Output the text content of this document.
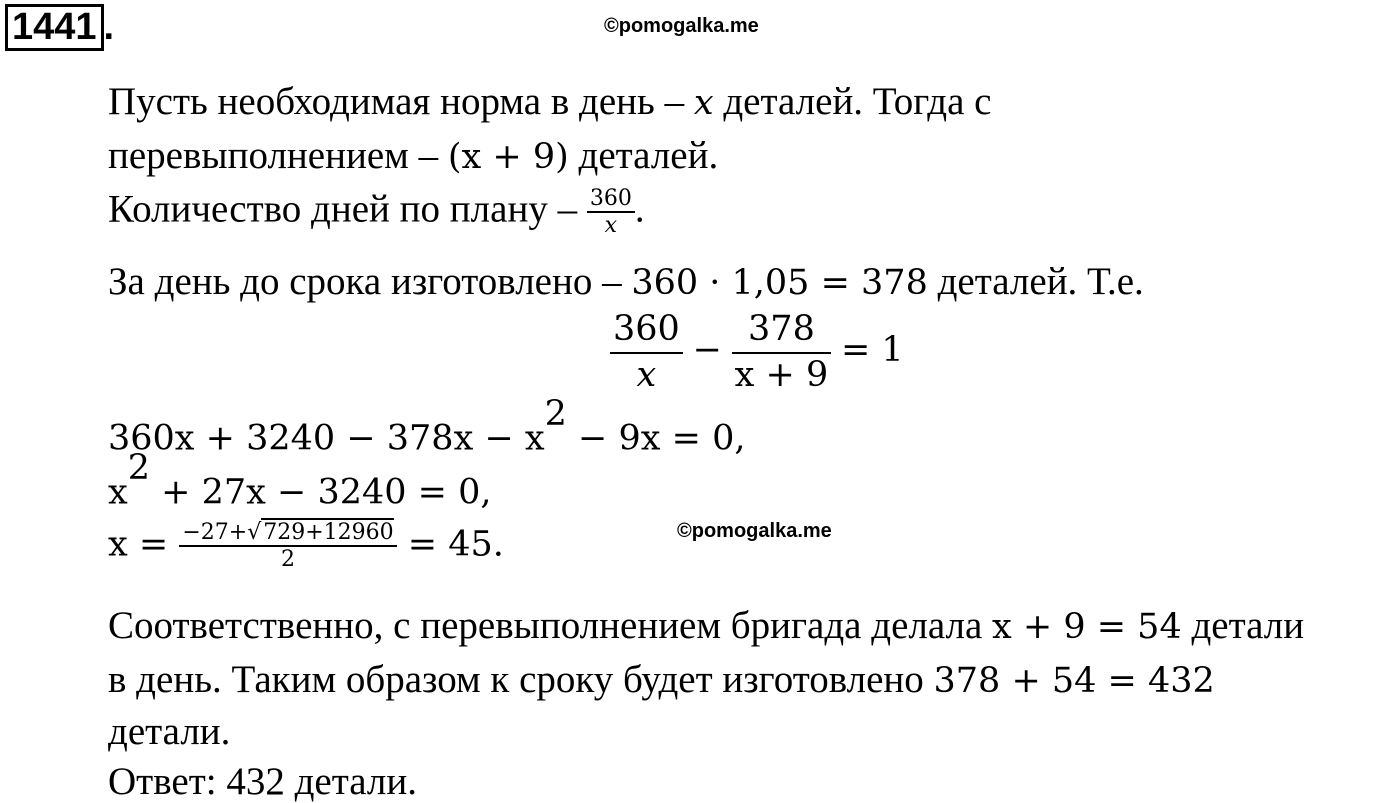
1441 .	©pomogalka.me
©pomogalka.me
Пусть необходимая норма в день – x деталей. Тогда с
перевыполнением – (x + 9) деталей.
Количество дней по плану – $\frac{360}{x}$ .
За день до срока изготовлено – 360 · 1,05 = 378 деталей. Т.е.
$\frac{360}{x} - \frac{378}{x + 9} = 1$
$360x + 3240 - 378x - x^2 - 9x = 0$,
$x^2 + 27x - 3240 = 0$,
$x = \frac{-27+√729+12960}{2} = 45$.
Соответственно, с перевыполнением бригада делала x + 9 = 54 детали
в день. Таким образом к сроку будет изготовлено 378 + 54 = 432
детали.
Ответ: 432 детали.
